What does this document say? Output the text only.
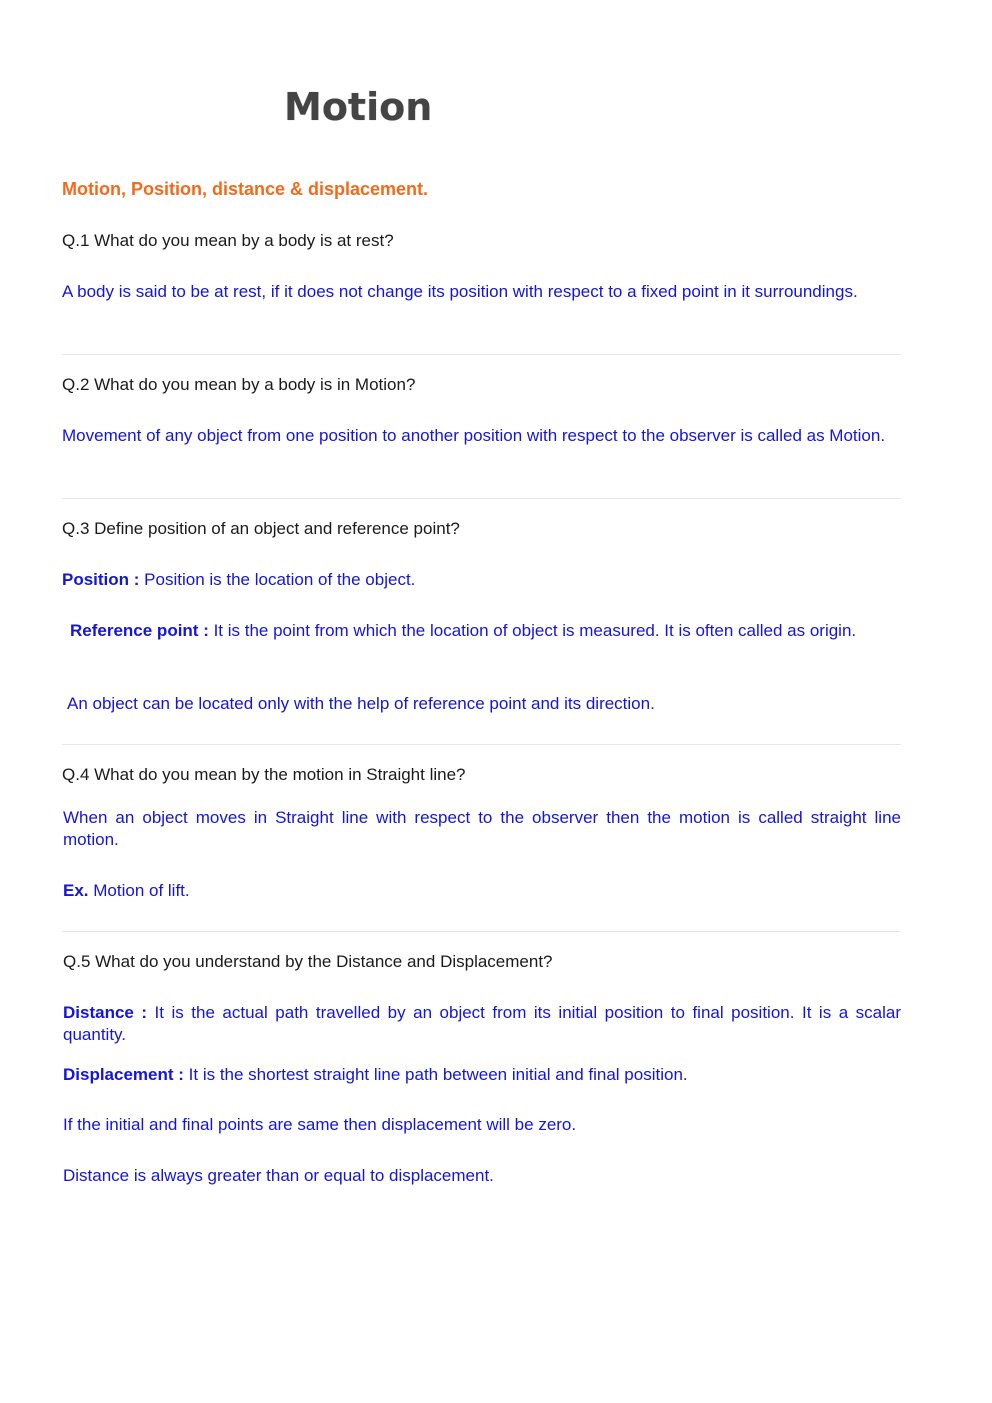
Motion
Motion, Position, distance & displacement.

Q.1 What do you mean by a body is at rest?

A body is said to be at rest, if it does not change its position with respect to a fixed point in it surroundings.

Q.2 What do you mean by a body is in Motion?

Movement of any object from one position to another position with respect to the observer is called as Motion.

Q.3 Define position of an object and reference point?

Position : Position is the location of the object.

Reference point : It is the point from which the location of object is measured. It is often called as origin.

An object can be located only with the help of reference point and its direction.

Q.4 What do you mean by the motion in Straight line?

When an object moves in Straight line with respect to the observer then the motion is called straight line motion.

Ex. Motion of lift.

Q.5 What do you understand by the Distance and Displacement?

Distance : It is the actual path travelled by an object from its initial position to final position. It is a scalar quantity.

Displacement : It is the shortest straight line path between initial and final position.

If the initial and final points are same then displacement will be zero.

Distance is always greater than or equal to displacement.
